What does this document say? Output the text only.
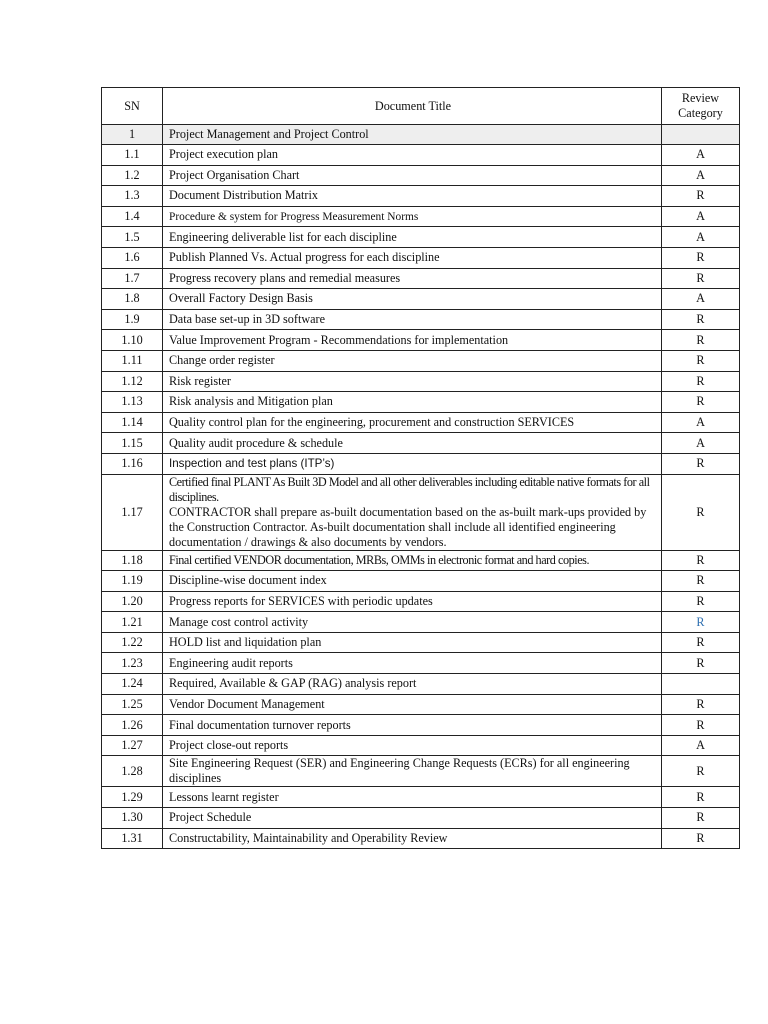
SN	Document Title	Review Category
1	Project Management and Project Control	
1.1	Project execution plan	A
1.2	Project Organisation Chart	A
1.3	Document Distribution Matrix	R
1.4	Procedure & system for Progress Measurement Norms	A
1.5	Engineering deliverable list for each discipline	A
1.6	Publish Planned Vs. Actual progress for each discipline	R
1.7	Progress recovery plans and remedial measures	R
1.8	Overall Factory Design Basis	A
1.9	Data base set-up in 3D software	R
1.10	Value Improvement Program - Recommendations for implementation	R
1.11	Change order register	R
1.12	Risk register	R
1.13	Risk analysis and Mitigation plan	R
1.14	Quality control plan for the engineering, procurement and construction SERVICES	A
1.15	Quality audit procedure & schedule	A
1.16	Inspection and test plans (ITP’s)	R
1.17	Certified final PLANT As Built 3D Model and all other deliverables including editable native formats for all disciplines.
CONTRACTOR shall prepare as-built documentation based on the as-built mark-ups provided by the Construction Contractor. As-built documentation shall include all identified engineering documentation / drawings & also documents by vendors.	R
1.18	Final certified VENDOR documentation, MRBs, OMMs in electronic format and hard copies.	R
1.19	Discipline-wise document index	R
1.20	Progress reports for SERVICES with periodic updates	R
1.21	Manage cost control activity	R
1.22	HOLD list and liquidation plan	R
1.23	Engineering audit reports	R
1.24	Required, Available & GAP (RAG) analysis report	
1.25	Vendor Document Management	R
1.26	Final documentation turnover reports	R
1.27	Project close-out reports	A
1.28	Site Engineering Request (SER) and Engineering Change Requests (ECRs) for all engineering disciplines	R
1.29	Lessons learnt register	R
1.30	Project Schedule	R
1.31	Constructability, Maintainability and Operability Review	R
